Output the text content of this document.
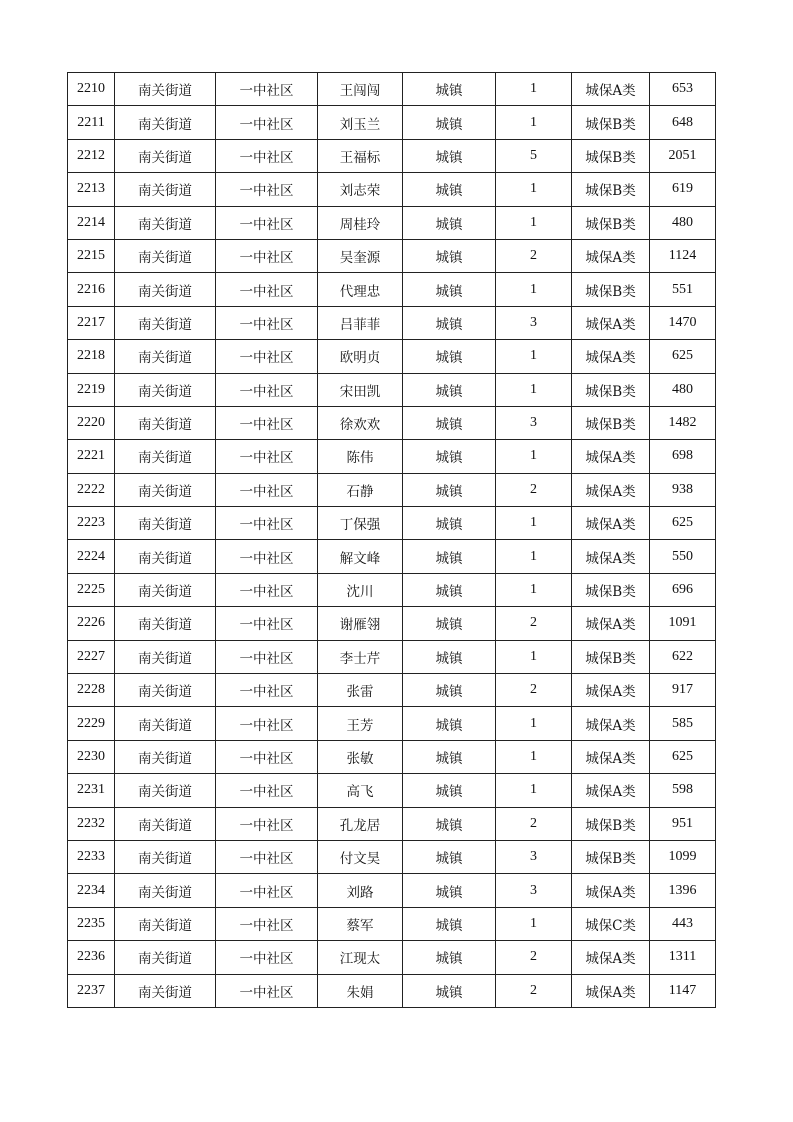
2210	南关街道	一中社区	王闯闯	城镇	1	城保A类	653
2211	南关街道	一中社区	刘玉兰	城镇	1	城保B类	648
2212	南关街道	一中社区	王福标	城镇	5	城保B类	2051
2213	南关街道	一中社区	刘志荣	城镇	1	城保B类	619
2214	南关街道	一中社区	周桂玲	城镇	1	城保B类	480
2215	南关街道	一中社区	吴奎源	城镇	2	城保A类	1124
2216	南关街道	一中社区	代理忠	城镇	1	城保B类	551
2217	南关街道	一中社区	吕菲菲	城镇	3	城保A类	1470
2218	南关街道	一中社区	欧明贞	城镇	1	城保A类	625
2219	南关街道	一中社区	宋田凯	城镇	1	城保B类	480
2220	南关街道	一中社区	徐欢欢	城镇	3	城保B类	1482
2221	南关街道	一中社区	陈伟	城镇	1	城保A类	698
2222	南关街道	一中社区	石静	城镇	2	城保A类	938
2223	南关街道	一中社区	丁保强	城镇	1	城保A类	625
2224	南关街道	一中社区	解文峰	城镇	1	城保A类	550
2225	南关街道	一中社区	沈川	城镇	1	城保B类	696
2226	南关街道	一中社区	谢雁翎	城镇	2	城保A类	1091
2227	南关街道	一中社区	李士芹	城镇	1	城保B类	622
2228	南关街道	一中社区	张雷	城镇	2	城保A类	917
2229	南关街道	一中社区	王芳	城镇	1	城保A类	585
2230	南关街道	一中社区	张敏	城镇	1	城保A类	625
2231	南关街道	一中社区	高飞	城镇	1	城保A类	598
2232	南关街道	一中社区	孔龙居	城镇	2	城保B类	951
2233	南关街道	一中社区	付文昊	城镇	3	城保B类	1099
2234	南关街道	一中社区	刘路	城镇	3	城保A类	1396
2235	南关街道	一中社区	蔡军	城镇	1	城保C类	443
2236	南关街道	一中社区	江现太	城镇	2	城保A类	1311
2237	南关街道	一中社区	朱娟	城镇	2	城保A类	1147
